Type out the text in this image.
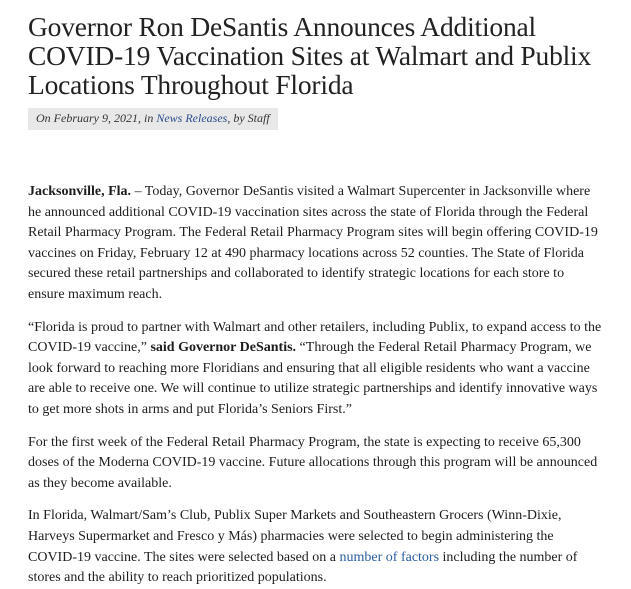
Governor Ron DeSantis Announces Additional COVID-19 Vaccination Sites at Walmart and Publix Locations Throughout Florida
On February 9, 2021, in News Releases, by Staff

Jacksonville, Fla. – Today, Governor DeSantis visited a Walmart Supercenter in Jacksonville where he announced additional COVID-19 vaccination sites across the state of Florida through the Federal Retail Pharmacy Program. The Federal Retail Pharmacy Program sites will begin offering COVID-19 vaccines on Friday, February 12 at 490 pharmacy locations across 52 counties. The State of Florida secured these retail partnerships and collaborated to identify strategic locations for each store to ensure maximum reach.

“Florida is proud to partner with Walmart and other retailers, including Publix, to expand access to the COVID-19 vaccine,” said Governor DeSantis. “Through the Federal Retail Pharmacy Program, we look forward to reaching more Floridians and ensuring that all eligible residents who want a vaccine are able to receive one. We will continue to utilize strategic partnerships and identify innovative ways to get more shots in arms and put Florida’s Seniors First.”

For the first week of the Federal Retail Pharmacy Program, the state is expecting to receive 65,300 doses of the Moderna COVID-19 vaccine. Future allocations through this program will be announced as they become available.

In Florida, Walmart/Sam’s Club, Publix Super Markets and Southeastern Grocers (Winn-Dixie, Harveys Supermarket and Fresco y Más) pharmacies were selected to begin administering the COVID-19 vaccine. The sites were selected based on a number of factors including the number of stores and the ability to reach prioritized populations.
